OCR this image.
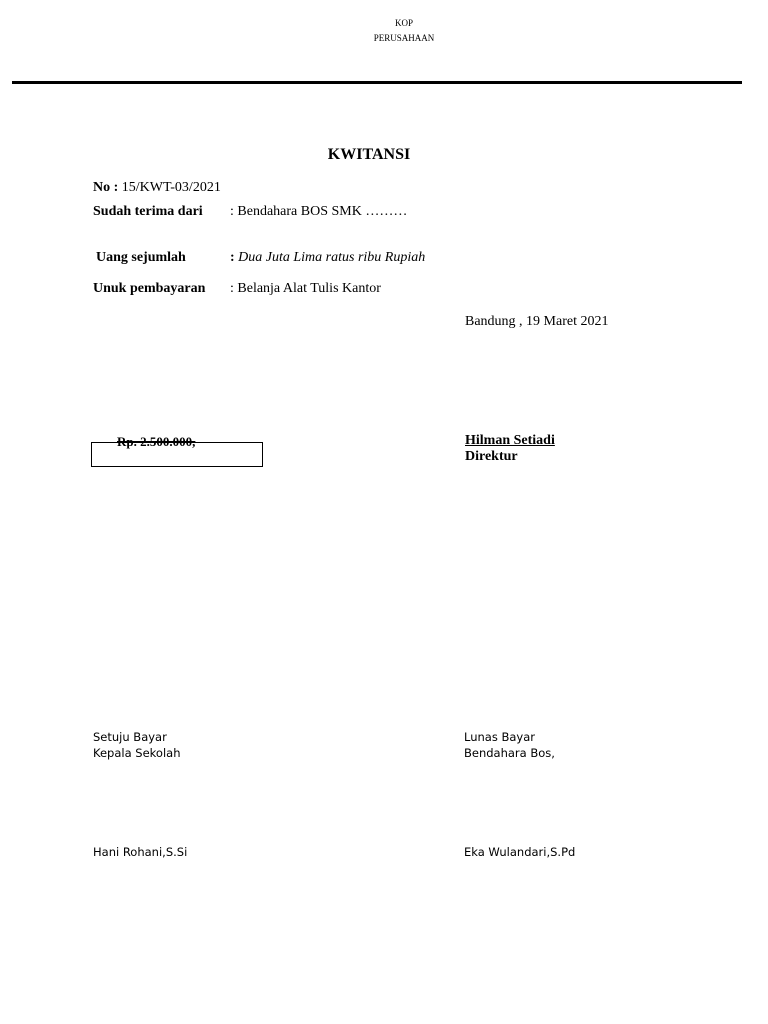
KOP
PERUSAHAAN
KWITANSI
No : 15/KWT-03/2021
Sudah terima dari : Bendahara BOS SMK ………
Uang sejumlah	: Dua Juta Lima ratus ribu Rupiah
Unuk pembayaran : Belanja Alat Tulis Kantor
Bandung , 19 Maret 2021
Rp. 2.500.000,	Hilman Setiadi
Direktur
Setuju Bayar
Kepala Sekolah
Hani Rohani,S.Si
Lunas Bayar
Bendahara Bos,
Eka Wulandari,S.Pd
